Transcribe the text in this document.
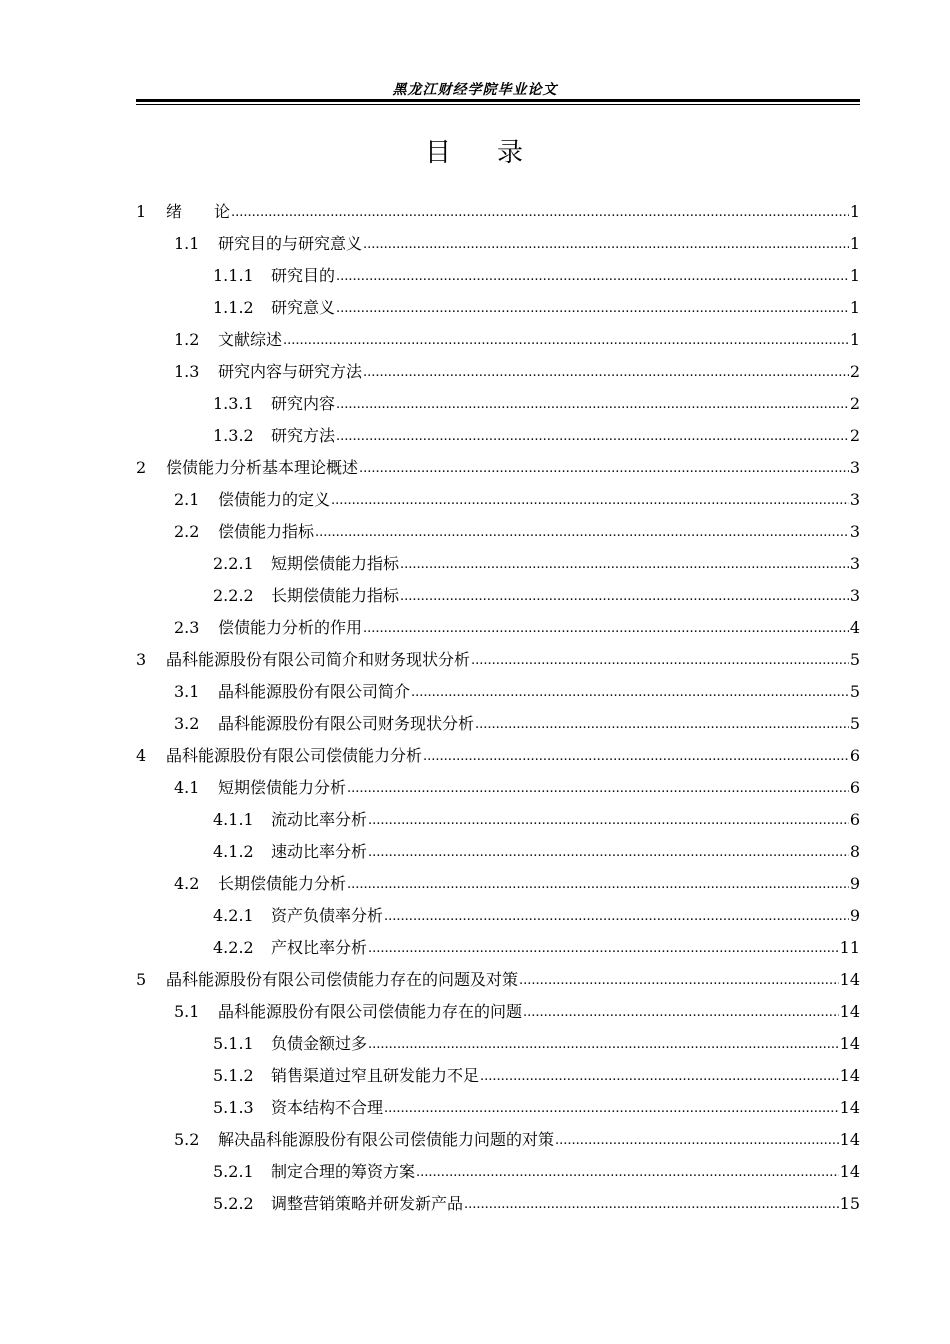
黑龙江财经学院毕业论文
目 录
1	绪　　论 .....	1
1.1	研究目的与研究意义 .....	1
1.1.1	研究目的 .....	1
1.1.2	研究意义 .....	1
1.2	文献综述 .....	1
1.3	研究内容与研究方法 .....	2
1.3.1	研究内容 .....	2
1.3.2	研究方法 .....	2
2	偿债能力分析基本理论概述 .....	3
2.1	偿债能力的定义 .....	3
2.2	偿债能力指标 .....	3
2.2.1	短期偿债能力指标 .....	3
2.2.2	长期偿债能力指标 .....	3
2.3	偿债能力分析的作用 .....	4
3	晶科能源股份有限公司简介和财务现状分析 .....	5
3.1	晶科能源股份有限公司简介 .....	5
3.2	晶科能源股份有限公司财务现状分析 .....	5
4	晶科能源股份有限公司偿债能力分析 .....	6
4.1	短期偿债能力分析 .....	6
4.1.1	流动比率分析 .....	6
4.1.2	速动比率分析 .....	8
4.2	长期偿债能力分析 .....	9
4.2.1	资产负债率分析 .....	9
4.2.2	产权比率分析 .....	11
5	晶科能源股份有限公司偿债能力存在的问题及对策 .....	14
5.1	晶科能源股份有限公司偿债能力存在的问题 .....	14
5.1.1	负债金额过多 .....	14
5.1.2	销售渠道过窄且研发能力不足 .....	14
5.1.3	资本结构不合理 .....	14
5.2	解决晶科能源股份有限公司偿债能力问题的对策 .....	14
5.2.1	制定合理的筹资方案 .....	14
5.2.2	调整营销策略并研发新产品 .....	15
